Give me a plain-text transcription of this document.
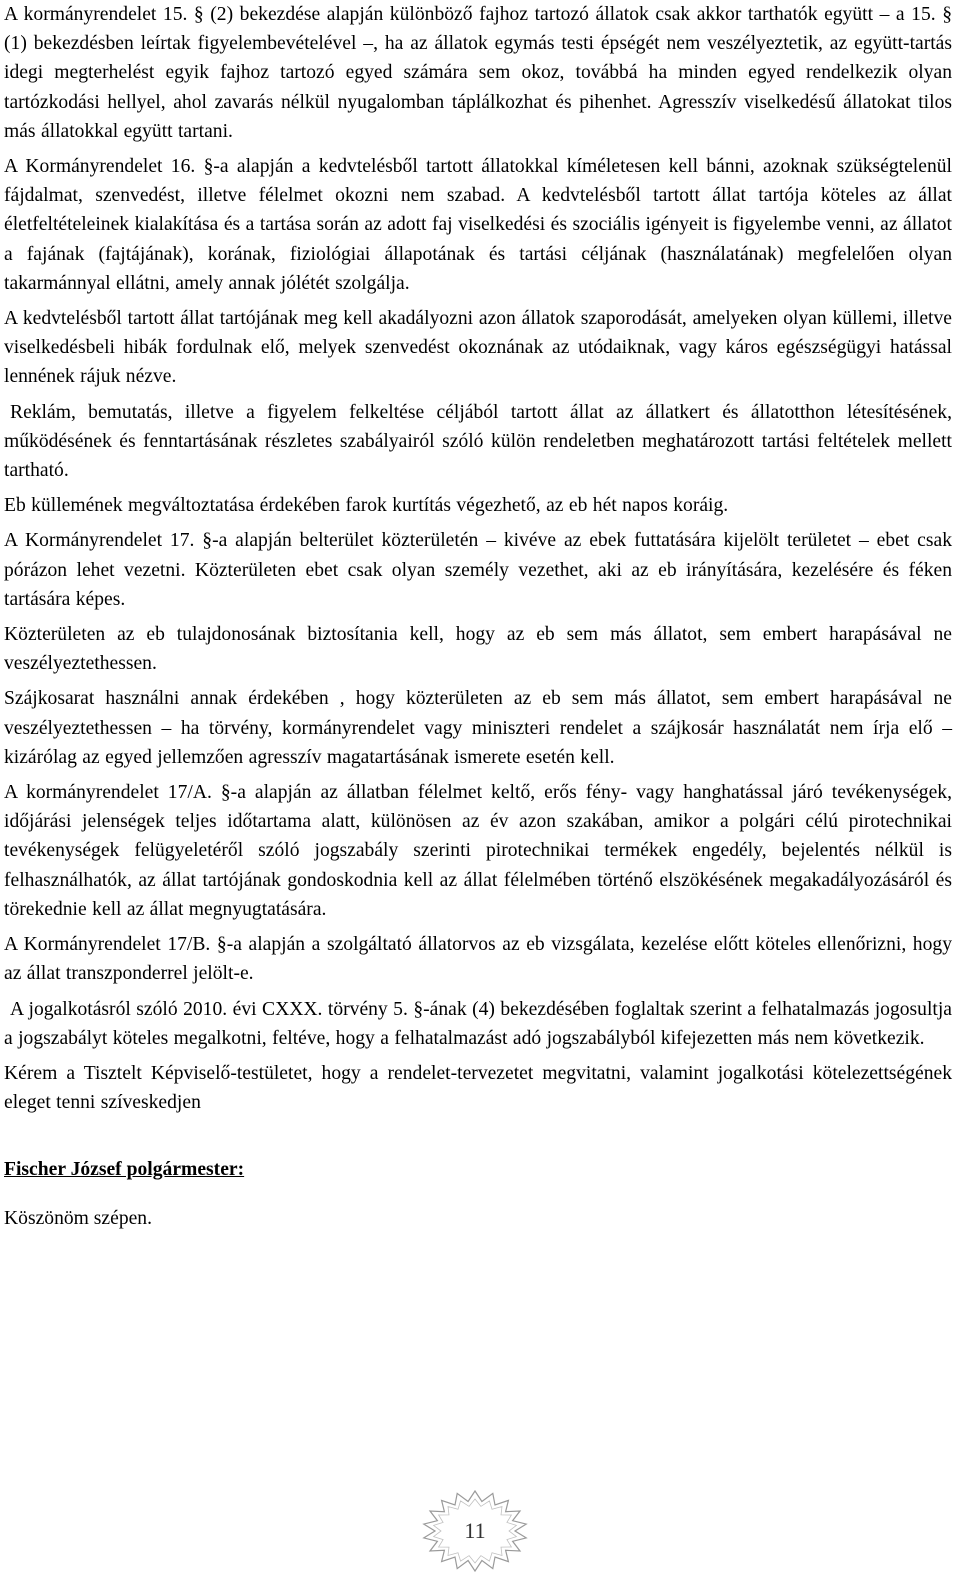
A kormányrendelet 15. § (2) bekezdése alapján különböző fajhoz tartozó állatok csak akkor tarthatók együtt – a 15. § (1) bekezdésben leírtak figyelembevételével –, ha az állatok egymás testi épségét nem veszélyeztetik, az együtt-tartás idegi megterhelést egyik fajhoz tartozó egyed számára sem okoz, továbbá ha minden egyed rendelkezik olyan tartózkodási hellyel, ahol zavarás nélkül nyugalomban táplálkozhat és pihenhet. Agresszív viselkedésű állatokat tilos más állatokkal együtt tartani.

A Kormányrendelet 16. §-a alapján a kedvtelésből tartott állatokkal kíméletesen kell bánni, azoknak szükségtelenül fájdalmat, szenvedést, illetve félelmet okozni nem szabad. A kedvtelésből tartott állat tartója köteles az állat életfeltételeinek kialakítása és a tartása során az adott faj viselkedési és szociális igényeit is figyelembe venni, az állatot a fajának (fajtájának), korának, fiziológiai állapotának és tartási céljának (használatának) megfelelően olyan takarmánnyal ellátni, amely annak jólétét szolgálja.

A kedvtelésből tartott állat tartójának meg kell akadályozni azon állatok szaporodását, amelyeken olyan küllemi, illetve viselkedésbeli hibák fordulnak elő, melyek szenvedést okoznának az utódaiknak, vagy káros egészségügyi hatással lennének rájuk nézve.

Reklám, bemutatás, illetve a figyelem felkeltése céljából tartott állat az állatkert és állatotthon létesítésének, működésének és fenntartásának részletes szabályairól szóló külön rendeletben meghatározott tartási feltételek mellett tartható.

Eb küllemének megváltoztatása érdekében farok kurtítás végezhető, az eb hét napos koráig.

A Kormányrendelet 17. §-a alapján belterület közterületén – kivéve az ebek futtatására kijelölt területet – ebet csak pórázon lehet vezetni. Közterületen ebet csak olyan személy vezethet, aki az eb irányítására, kezelésére és féken tartására képes.

Közterületen az eb tulajdonosának biztosítania kell, hogy az eb sem más állatot, sem embert harapásával ne veszélyeztethessen.

Szájkosarat használni annak érdekében , hogy közterületen az eb sem más állatot, sem embert harapásával ne veszélyeztethessen – ha törvény, kormányrendelet vagy miniszteri rendelet a szájkosár használatát nem írja elő – kizárólag az egyed jellemzően agresszív magatartásának ismerete esetén kell.

A kormányrendelet 17/A. §-a alapján az állatban félelmet keltő, erős fény- vagy hanghatással járó tevékenységek, időjárási jelenségek teljes időtartama alatt, különösen az év azon szakában, amikor a polgári célú pirotechnikai tevékenységek felügyeletéről szóló jogszabály szerinti pirotechnikai termékek engedély, bejelentés nélkül is felhasználhatók, az állat tartójának gondoskodnia kell az állat félelmében történő elszökésének megakadályozásáról és törekednie kell az állat megnyugtatására.

A Kormányrendelet 17/B. §-a alapján a szolgáltató állatorvos az eb vizsgálata, kezelése előtt köteles ellenőrizni, hogy az állat transzponderrel jelölt-e.

A jogalkotásról szóló 2010. évi CXXX. törvény 5. §-ának (4) bekezdésében foglaltak szerint a felhatalmazás jogosultja a jogszabályt köteles megalkotni, feltéve, hogy a felhatalmazást adó jogszabályból kifejezetten más nem következik.

Kérem a Tisztelt Képviselő-testületet, hogy a rendelet-tervezetet megvitatni, valamint jogalkotási kötelezettségének eleget tenni szíveskedjen

Fischer József polgármester:
Köszönöm szépen.
11
